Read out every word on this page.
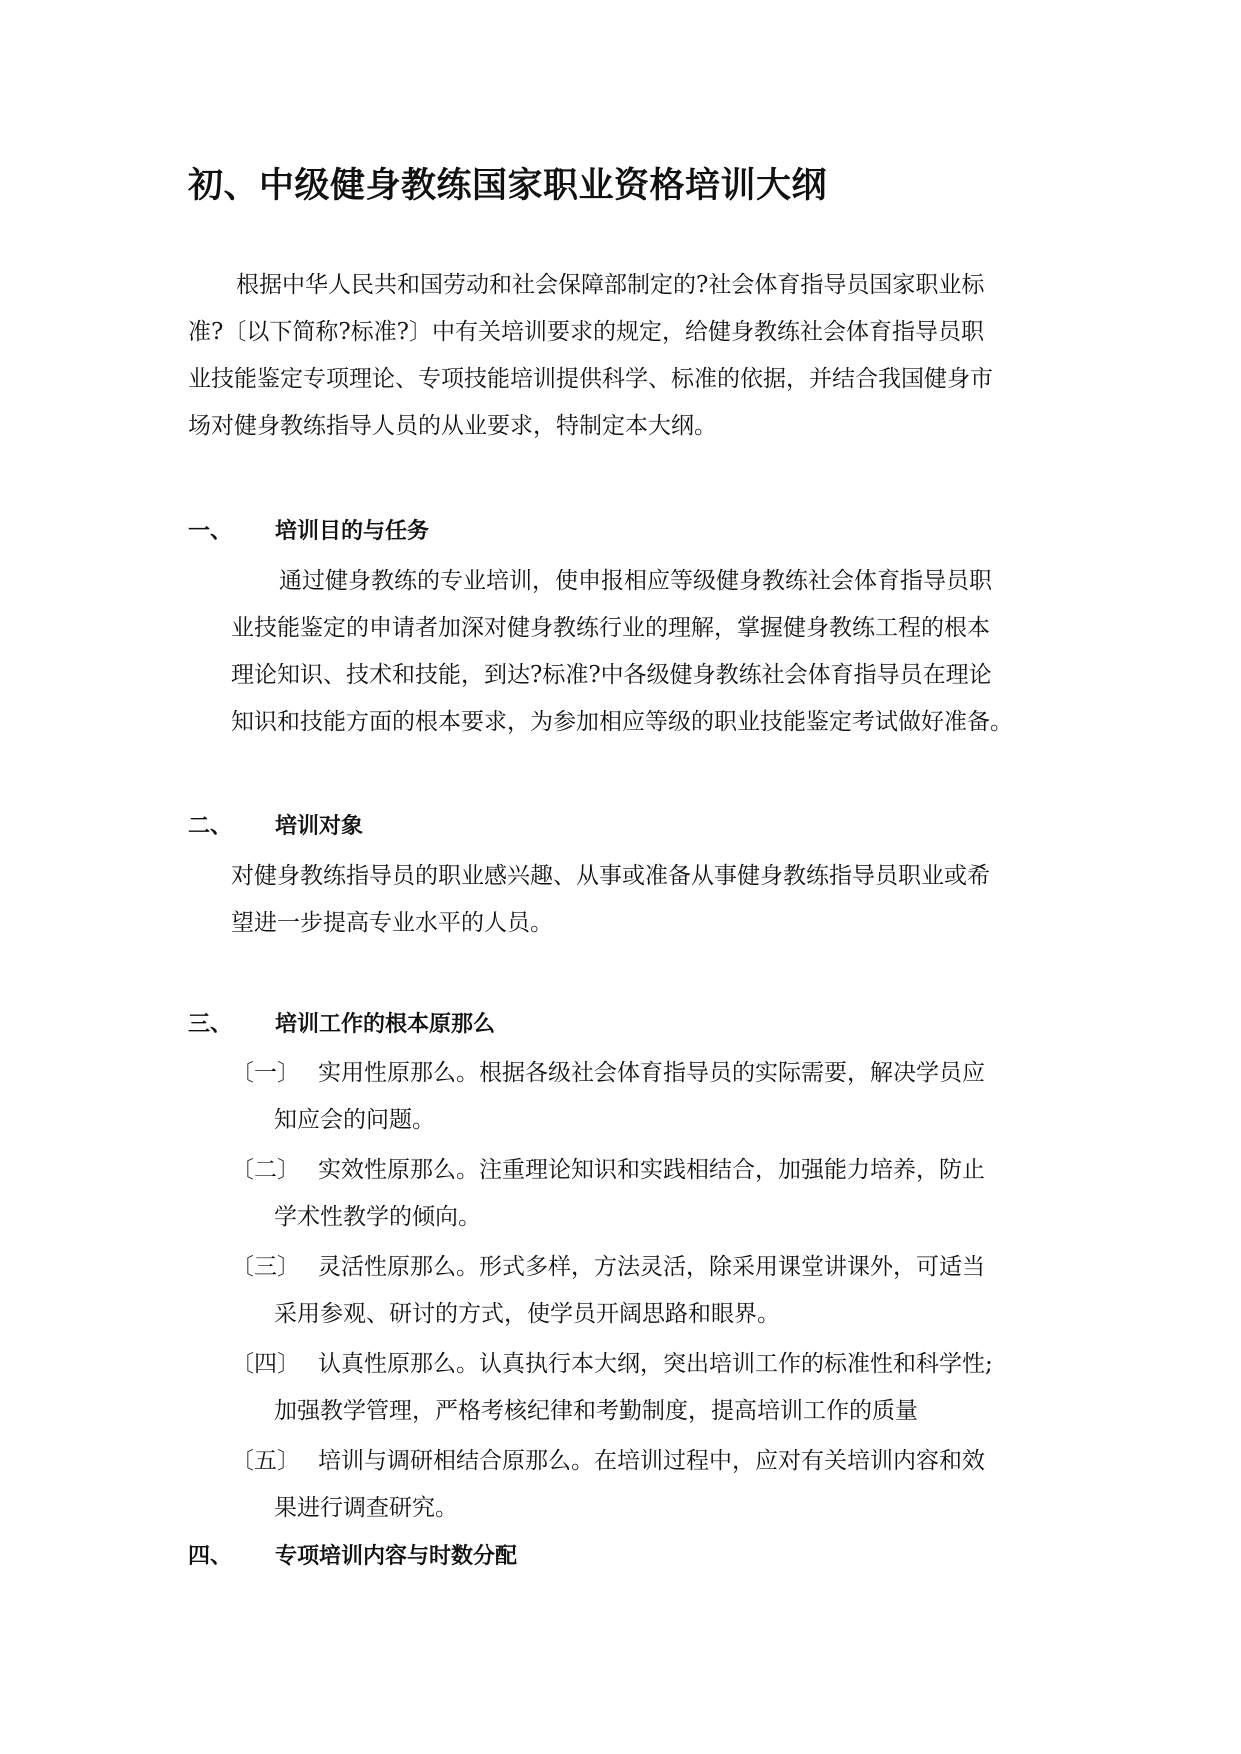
初、中级健身教练国家职业资格培训大纲

根据中华人民共和国劳动和社会保障部制定的?社会体育指导员国家职业标

准?〔以下简称?标准?〕中有关培训要求的规定，给健身教练社会体育指导员职

业技能鉴定专项理论、专项技能培训提供科学、标准的依据，并结合我国健身市

场对健身教练指导人员的从业要求，特制定本大纲。

一、 培训目的与任务

通过健身教练的专业培训，使申报相应等级健身教练社会体育指导员职

业技能鉴定的申请者加深对健身教练行业的理解，掌握健身教练工程的根本

理论知识、技术和技能，到达?标准?中各级健身教练社会体育指导员在理论

知识和技能方面的根本要求，为参加相应等级的职业技能鉴定考试做好准备。

二、 培训对象

对健身教练指导员的职业感兴趣、从事或准备从事健身教练指导员职业或希

望进一步提高专业水平的人员。

三、 培训工作的根本原那么
〔一〕 实用性原那么。根据各级社会体育指导员的实际需要，解决学员应

知应会的问题。

〔二〕 实效性原那么。注重理论知识和实践相结合，加强能力培养，防止

学术性教学的倾向。

〔三〕 灵活性原那么。形式多样，方法灵活，除采用课堂讲课外，可适当

采用参观、研讨的方式，使学员开阔思路和眼界。

〔四〕 认真性原那么。认真执行本大纲，突出培训工作的标准性和科学性;

加强教学管理，严格考核纪律和考勤制度，提高培训工作的质量

〔五〕 培训与调研相结合原那么。在培训过程中，应对有关培训内容和效

果进行调查研究。

四、 专项培训内容与时数分配
